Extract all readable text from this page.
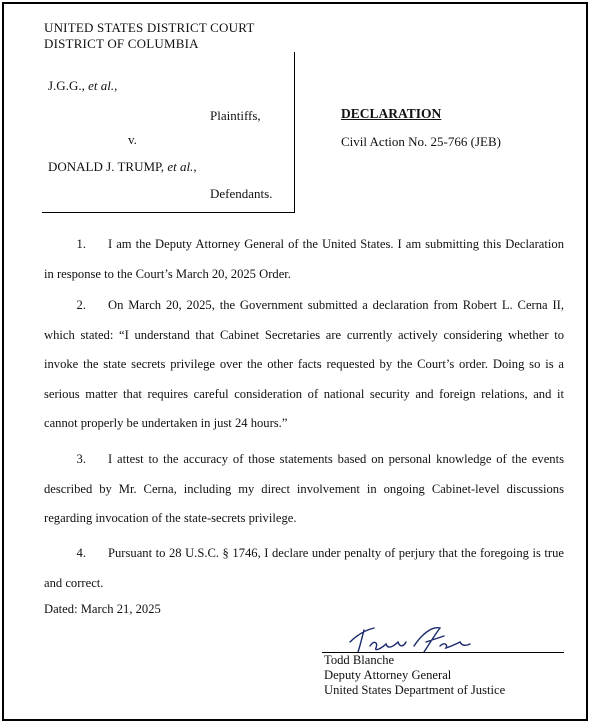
UNITED STATES DISTRICT COURT
DISTRICT OF COLUMBIA
J.G.G., et al.,
Plaintiffs,
v.
DONALD J. TRUMP, et al.,
Defendants.
DECLARATION
Civil Action No. 25-766 (JEB)
1. I am the Deputy Attorney General of the United States. I am submitting this Declaration in response to the Court’s March 20, 2025 Order.
2. On March 20, 2025, the Government submitted a declaration from Robert L. Cerna II, which stated: “I understand that Cabinet Secretaries are currently actively considering whether to invoke the state secrets privilege over the other facts requested by the Court’s order. Doing so is a serious matter that requires careful consideration of national security and foreign relations, and it cannot properly be undertaken in just 24 hours.”
3. I attest to the accuracy of those statements based on personal knowledge of the events described by Mr. Cerna, including my direct involvement in ongoing Cabinet-level discussions regarding invocation of the state-secrets privilege.
4. Pursuant to 28 U.S.C. § 1746, I declare under penalty of perjury that the foregoing is true and correct.
Dated: March 21, 2025
Todd Blanche
Deputy Attorney General
United States Department of Justice
